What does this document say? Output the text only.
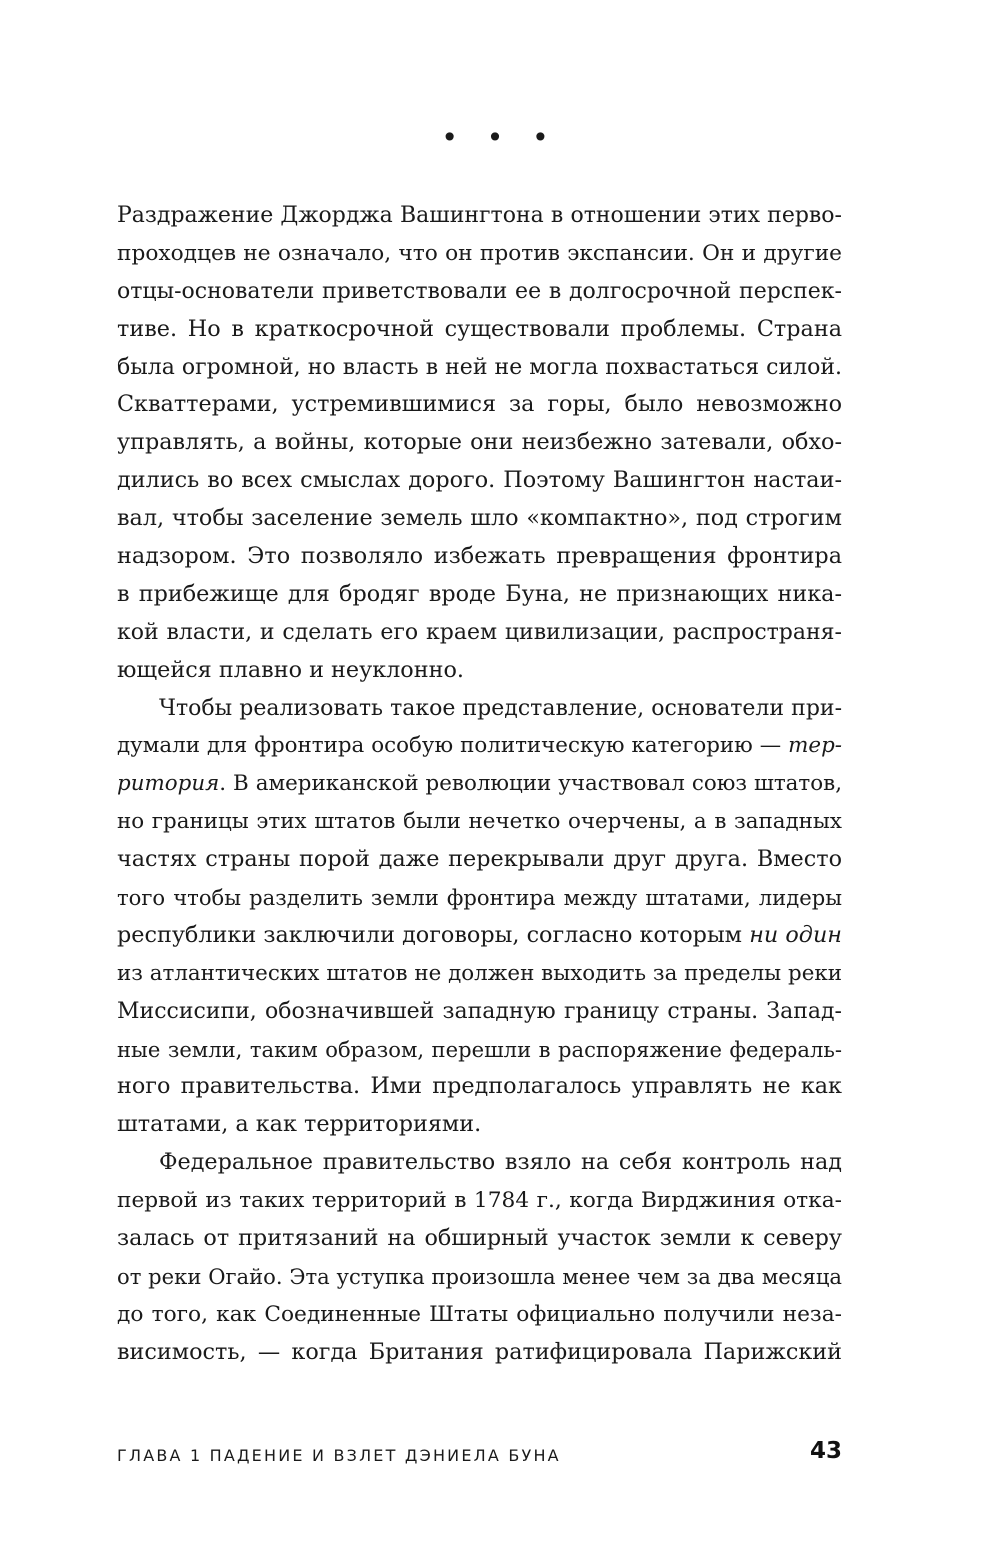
• • •
Раздражение Джорджа Вашингтона в отношении этих перво-
проходцев не означало, что он против экспансии. Он и другие
отцы-основатели приветствовали ее в долгосрочной перспек-
тиве. Но в краткосрочной существовали проблемы. Страна
была огромной, но власть в ней не могла похвастаться силой.
Скваттерами, устремившимися за горы, было невозможно
управлять, а войны, которые они неизбежно затевали, обхо-
дились во всех смыслах дорого. Поэтому Вашингтон настаи-
вал, чтобы заселение земель шло «компактно», под строгим
надзором. Это позволяло избежать превращения фронтира
в прибежище для бродяг вроде Буна, не признающих ника-
кой власти, и сделать его краем цивилизации, распространя-
ющейся плавно и неуклонно.
Чтобы реализовать такое представление, основатели при-
думали для фронтира особую политическую категорию — тер-
ритория. В американской революции участвовал союз штатов,
но границы этих штатов были нечетко очерчены, а в западных
частях страны порой даже перекрывали друг друга. Вместо
того чтобы разделить земли фронтира между штатами, лидеры
республики заключили договоры, согласно которым ни один
из атлантических штатов не должен выходить за пределы реки
Миссисипи, обозначившей западную границу страны. Запад-
ные земли, таким образом, перешли в распоряжение федераль-
ного правительства. Ими предполагалось управлять не как
штатами, а как территориями.
Федеральное правительство взяло на себя контроль над
первой из таких территорий в 1784 г., когда Вирджиния отка-
залась от притязаний на обширный участок земли к северу
от реки Огайо. Эта уступка произошла менее чем за два месяца
до того, как Соединенные Штаты официально получили неза-
висимость, — когда Британия ратифицировала Парижский
ГЛАВА 1 ПАДЕНИЕ И ВЗЛЕТ ДЭНИЕЛА БУНА	43
